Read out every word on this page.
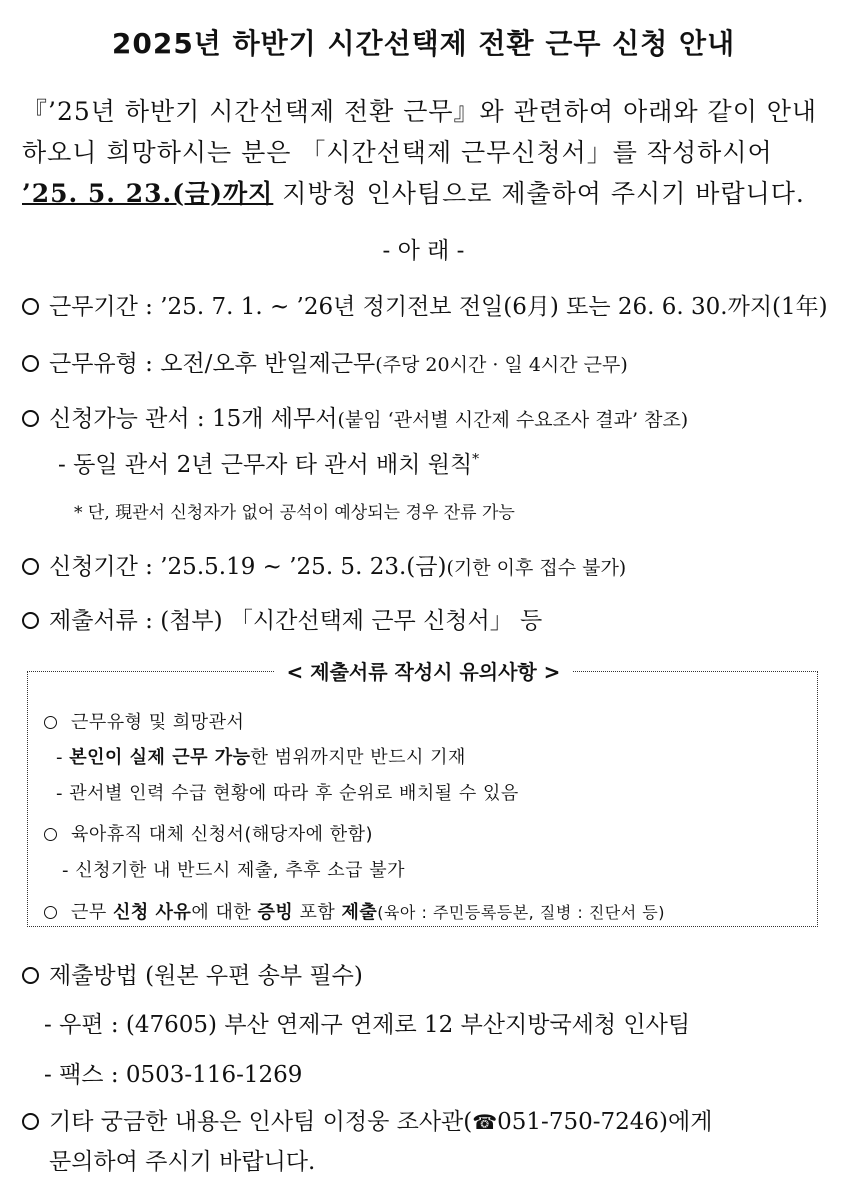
2025년 하반기 시간선택제 전환 근무 신청 안내
『’25년 하반기 시간선택제 전환 근무』와 관련하여 아래와 같이 안내
하오니 희망하시는 분은 「시간선택제 근무신청서」를 작성하시어
’25. 5. 23.(금)까지 지방청 인사팀으로 제출하여 주시기 바랍니다.
- 아 래 -
근무기간 : ’25. 7. 1. ~ ’26년 정기전보 전일(6月) 또는 26. 6. 30.까지(1年)
근무유형 : 오전/오후 반일제근무 (주당 20시간 · 일 4시간 근무)
신청가능 관서 : 15개 세무서 (붙임 ‘관서별 시간제 수요조사 결과’ 참조)
- 동일 관서 2년 근무자 타 관서 배치 원칙*
* 단, 現관서 신청자가 없어 공석이 예상되는 경우 잔류 가능
신청기간 : ’25.5.19 ~ ’25. 5. 23.(금) (기한 이후 접수 불가)
제출서류 : (첨부) 「시간선택제 근무 신청서」 등
< 제출서류 작성시 유의사항 >
근무유형 및 희망관서
- 본인이 실제 근무 가능한 범위까지만 반드시 기재
- 관서별 인력 수급 현황에 따라 후 순위로 배치될 수 있음
육아휴직 대체 신청서(해당자에 한함)
- 신청기한 내 반드시 제출, 추후 소급 불가
근무 신청 사유에 대한 증빙 포함 제출(육아 : 주민등록등본, 질병 : 진단서 등)
제출방법 (원본 우편 송부 필수)
- 우편 : (47605) 부산 연제구 연제로 12 부산지방국세청 인사팀
- 팩스 : 0503-116-1269
기타 궁금한 내용은 인사팀 이정웅 조사관( ☎ 051-750-7246 )에게
문의하여 주시기 바랍니다.
